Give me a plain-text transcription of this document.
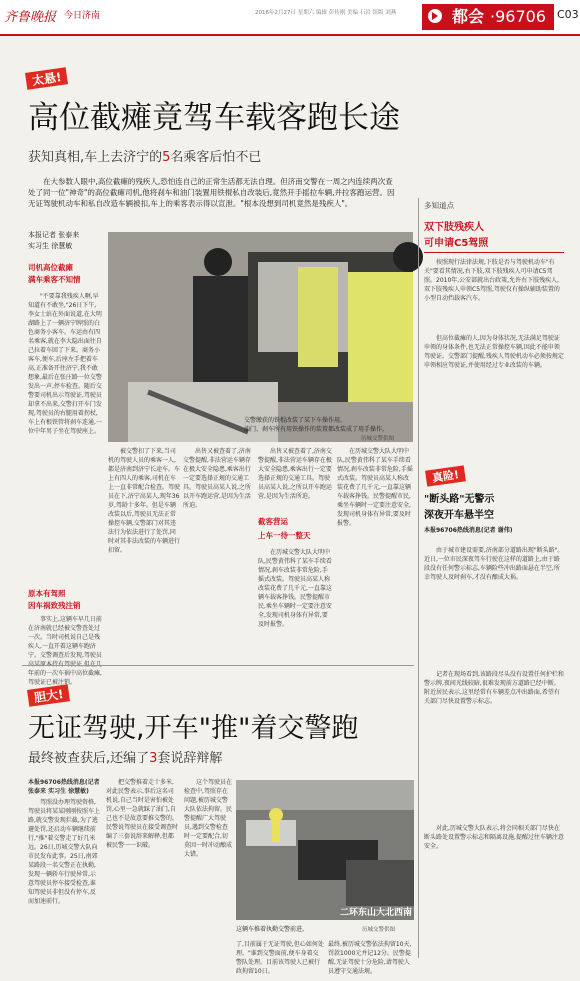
齐鲁晚报 今日济南	2016年2月27日 星期六 编辑 彭传刚 美编 石岩 组版 刘燕	都会 ·96706 C03
太悬!
高位截瘫竟驾车载客跑长途
获知真相,车上去济宁的5名乘客后怕不已
在大参数人眼中,高位截瘫的残疾人,恐怕连自己的正常生活都无法自理。但济南交警在一周之内连续两次查处了同一位"神奇"的高位截瘫司机,他将刹车和油门装置用铁棍私自改装后,竟然开手摇拉车辆,并拉客跑运营。因无证驾驶机动车和私自改造车辆被扣,车上的乘客表示得以宣泄。"根本没想到司机竟然是残疾人"。
本报记者 张泰来
实习生 徐慧敏
司机高位截瘫
满车乘客不知情
"不要靠我残疾人啊,早知道有不敢坐,"26日下午,李女士站在外面说道,在大明湖路上了一辆济宁牌照的白色商务小客车。车运由有四名乘客,就在李大隐出面往自己拉着车回了下来。商务小客车,便车,后座左手把着车高,正准备开往济宁,我不敢想象,最后在张庄路一位交警发出一声,停车检查。随后交警要司机出示驾驶证,驾驶员却拿不出来,交警打开车门发现,驾驶员的右腿用着拐杖,车上有根铁管将刹车连通,一位中年男子坐在驾驶座上。
原本有驾照
因车祸致残注销
事实上,这辆车早几日前在济南就已经被交警查处过一次。当时司机说自己是残疾人,一直开着这辆车跑济宁。交警调查后发现,驾驶员 年前的一次车祸中高位截瘫,驾驶证已被注销。
交警缴获的铁棍改装了某下车操作用。
油门、刹车所有用铁操作的装置都改装成了用手操作。
历城交警供图
被交警扣了下来,当司机的驾驶人员的乘客一人,都是济南到济宁长途车。车上有四人的乘客,司机在车上一直非常配合检查。驾驶员在下,济宁高某人,现年36岁,驾龄十多年。但是车辆改装以后,驾驶员无法正常操控车辆,交警部门对其违法行为依法进行了处罚,同时对其非法改装的车辆进行扣留。
出售又被查着了,济南交警提醒,非法营运车辆存在极大安全隐患,乘客出行一定要选择正规的交通工具。驾驶员高某人说,之所以开车跑运营,是因为生活所迫。
出售又被查着了,济南交警提醒,非法营运车辆存在极大安全隐患,乘客出行一定要选择正规的交通工具。驾驶员高某人说,之所以开车跑运营,是因为生活所迫。
截客营运
上车一待一整天
在历城交警大队大明中队,民警黄伟科了某车手续看情况,刹车改装非常危险,手摇式改装。驾驶员高某人称改装花费了几千元,一直靠这辆车载客挣钱。民警提醒市民,乘坐车辆时一定要注意安全,发现司机身体有异常,要及时报警。
在历城交警大队大明中队,民警黄伟科了某车手续看情况,刹车改装非常危险,手摇式改装。驾驶员高某人称改装花费了几千元,一直靠这辆车载客挣钱。民警提醒市民,乘坐车辆时一定要注意安全,发现司机身体有异常,要及时报警。
胆大!
无证驾驶,开车"推"着交警跑
最终被查获后,还编了3套说辞辩解
本报96706热线消息(记者 张泰来 实习生 徐慧敏)
驾照没办理驾驶资格,驾驶员将某某刚刚按照车上路,就交警发现拦截,为了逃避处罚,还启动车辆继续前行,"推"着交警走了好几米远。26日,历城交警大队向市民发布此事。25日,南郊某路段一名交警正在执勤,发现一辆轿车行驶异常,示意驾驶员停车接受检查,谁知驾驶员非但没有停车,反而加速前行。
把交警推着走十多米,对此民警表示,事后这名司机说,自己当时是害怕被处罚,心里一急就踩了油门,自己也不是故意要推交警的。民警说驾驶员在接受调查时编了三套说辞来解释,但都被民警一一识破。
这个驾驶员在检查中,驾照存在问题,被历城交警大队依法拘留。民警提醒广大驾驶员,遇到交警检查时一定要配合,切莫因一时冲动酿成大错。
二环东山大北西南
这辆车推着执勤交警前进。	历城交警供图
了,目前属于无证驾驶,但心如何处理。"谁到交警面前,便车身着交警队处理。目前该驾驶人已被行政拘留10日。
最终,被历城交警依法拘留10天,罚款1000元并记12分。民警提醒,无证驾驶十分危险,请驾驶人员遵守交通法规。
多知道点
双下肢残疾人
可申请C5驾照
按照现行法律法规,下肢是否与驾驶机动车"有关"要看其情况,右下肢,双下肢残疾人可申请C5驾照。2010年,公安部就出台政策,允许右下肢残疾人,双下肢残疾人申领C5驾照,驾驶仅有操纵辅助装置的小型自动挡载客汽车。
但高位截瘫的人,因为身体状况,无法满足驾驶证申领的身体条件,也无法正常操控车辆,因此不能申领驾驶证。交警部门提醒,残疾人驾驶机动车必须按规定申领相应驾驶证,并使用经过专业改装的车辆。
真险!
"断头路"无警示
深夜开车悬半空
本报96706热线消息(记者 谢伟)
由于城市建设需要,济南部分道路出现"断头路"。近日,一位市民深夜驾车行驶在这样的道路上,由于路段没有任何警示标志,车辆险些冲出路面悬在半空,所幸驾驶人及时刹车,才没有酿成大祸。
记者在现场看到,该路段尽头没有设置任何护栏和警示牌,夜间光线较暗,很难发现前方道路已经中断。附近居民表示,这里经常有车辆差点冲出路面,希望有关部门尽快设置警示标志。
对此,历城交警大队表示,将会同相关部门尽快在断头路处设置警示标志和隔离设施,提醒过往车辆注意安全。
